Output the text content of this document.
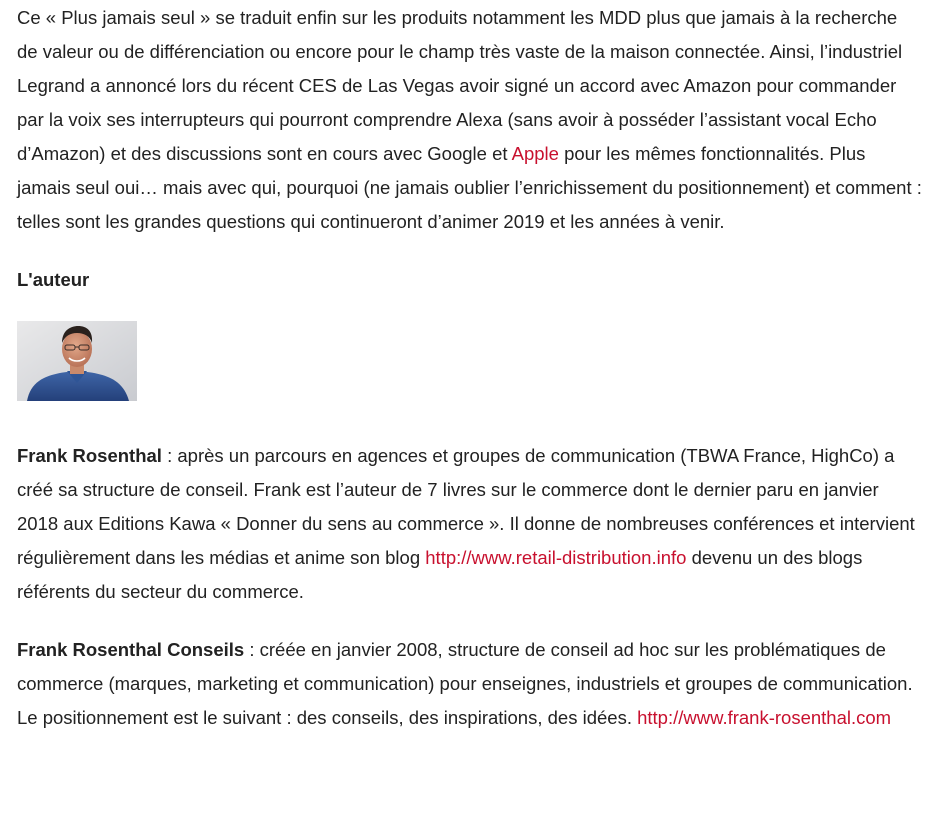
Ce « Plus jamais seul » se traduit enfin sur les produits notamment les MDD plus que jamais à la recherche de valeur ou de différenciation ou encore pour le champ très vaste de la maison connectée. Ainsi, l’industriel Legrand a annoncé lors du récent CES de Las Vegas avoir signé un accord avec Amazon pour commander par la voix ses interrupteurs qui pourront comprendre Alexa (sans avoir à posséder l’assistant vocal Echo d’Amazon) et des discussions sont en cours avec Google et Apple pour les mêmes fonctionnalités. Plus jamais seul oui… mais avec qui, pourquoi (ne jamais oublier l’enrichissement du positionnement) et comment : telles sont les grandes questions qui continueront d’animer 2019 et les années à venir.

L'auteur

Frank Rosenthal : après un parcours en agences et groupes de communication (TBWA France, HighCo) a créé sa structure de conseil. Frank est l’auteur de 7 livres sur le commerce dont le dernier paru en janvier 2018 aux Editions Kawa « Donner du sens au commerce ». Il donne de nombreuses conférences et intervient régulièrement dans les médias et anime son blog http://www.retail-distribution.info devenu un des blogs référents du secteur du commerce.

Frank Rosenthal Conseils : créée en janvier 2008, structure de conseil ad hoc sur les problématiques de commerce (marques, marketing et communication) pour enseignes, industriels et groupes de communication. Le positionnement est le suivant : des conseils, des inspirations, des idées. http://www.frank-rosenthal.com
